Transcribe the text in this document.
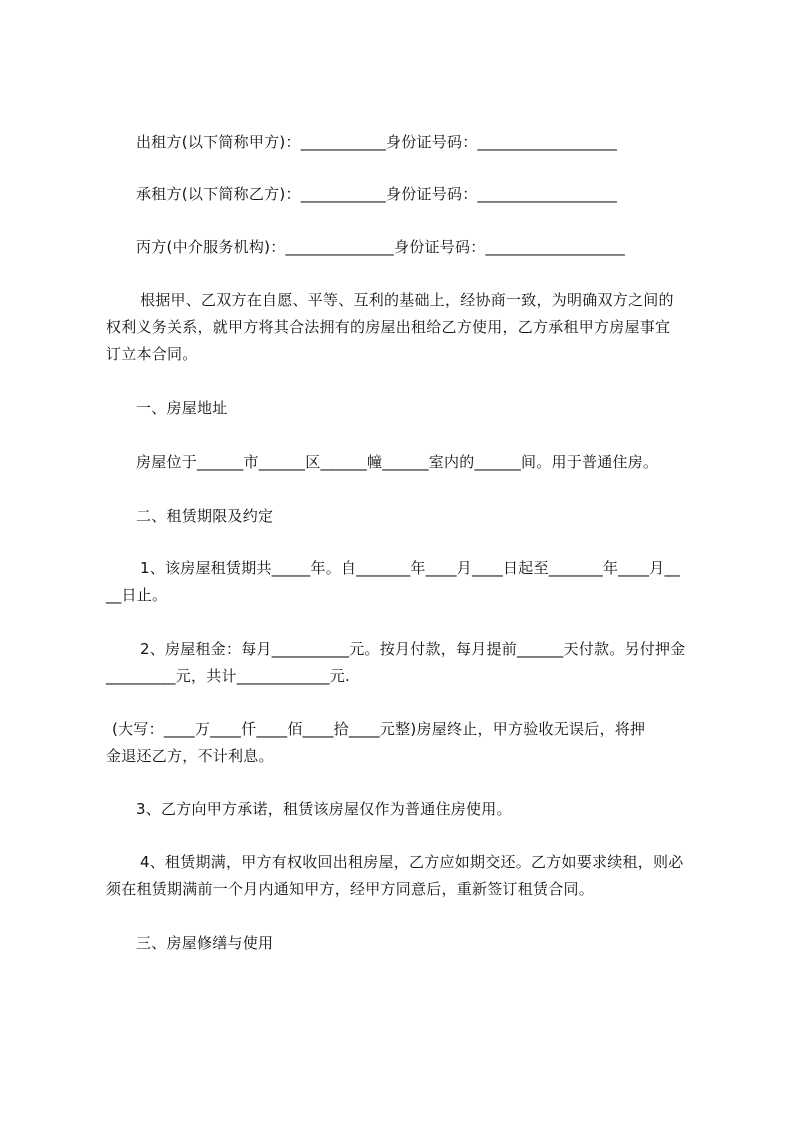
出租方(以下简称甲方)：___________身份证号码：__________________
承租方(以下简称乙方)：___________身份证号码：__________________
丙方(中介服务机构)：______________身份证号码：__________________
根据甲、乙双方在自愿、平等、互利的基础上，经协商一致，为明确双方之间的
权利义务关系，就甲方将其合法拥有的房屋出租给乙方使用，乙方承租甲方房屋事宜
订立本合同。
一、房屋地址
房屋位于______市______区______幢______室内的______间。用于普通住房。
二、租赁期限及约定
1、该房屋租赁期共_____年。自_______年____月____日起至_______年____月__
__日止。
2、房屋租金：每月__________元。按月付款，每月提前______天付款。另付押金
_________元，共计____________元.
(大写：____万____仟____佰____拾____元整)房屋终止，甲方验收无误后，将押
金退还乙方，不计利息。
3、乙方向甲方承诺，租赁该房屋仅作为普通住房使用。
4、租赁期满，甲方有权收回出租房屋，乙方应如期交还。乙方如要求续租，则必
须在租赁期满前一个月内通知甲方，经甲方同意后，重新签订租赁合同。
三、房屋修缮与使用
